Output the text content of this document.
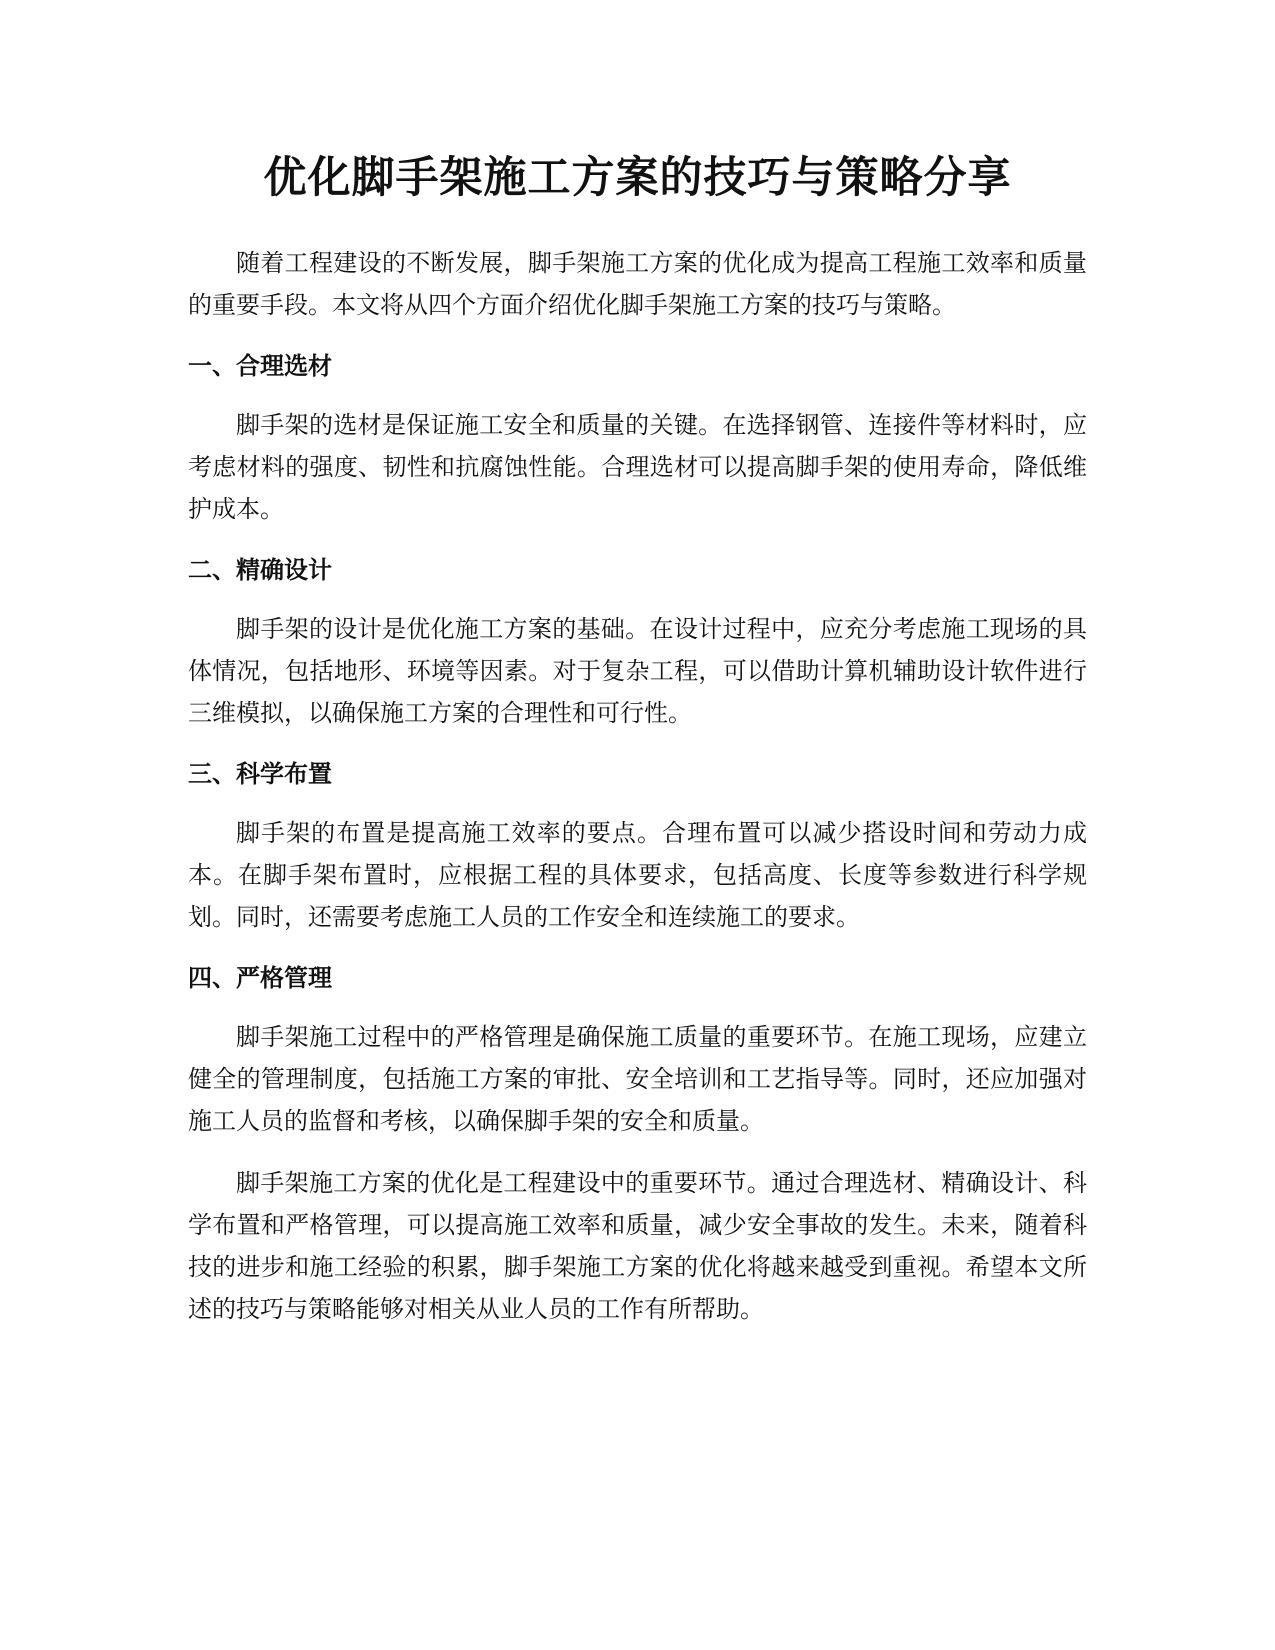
优化脚手架施工方案的技巧与策略分享

随着工程建设的不断发展，脚手架施工方案的优化成为提高工程施工效率和质量的重要手段。本文将从四个方面介绍优化脚手架施工方案的技巧与策略。

一、合理选材

脚手架的选材是保证施工安全和质量的关键。在选择钢管、连接件等材料时，应考虑材料的强度、韧性和抗腐蚀性能。合理选材可以提高脚手架的使用寿命，降低维护成本。

二、精确设计

脚手架的设计是优化施工方案的基础。在设计过程中，应充分考虑施工现场的具体情况，包括地形、环境等因素。对于复杂工程，可以借助计算机辅助设计软件进行三维模拟，以确保施工方案的合理性和可行性。

三、科学布置

脚手架的布置是提高施工效率的要点。合理布置可以减少搭设时间和劳动力成本。在脚手架布置时，应根据工程的具体要求，包括高度、长度等参数进行科学规划。同时，还需要考虑施工人员的工作安全和连续施工的要求。

四、严格管理

脚手架施工过程中的严格管理是确保施工质量的重要环节。在施工现场，应建立健全的管理制度，包括施工方案的审批、安全培训和工艺指导等。同时，还应加强对施工人员的监督和考核，以确保脚手架的安全和质量。

脚手架施工方案的优化是工程建设中的重要环节。通过合理选材、精确设计、科学布置和严格管理，可以提高施工效率和质量，减少安全事故的发生。未来，随着科技的进步和施工经验的积累，脚手架施工方案的优化将越来越受到重视。希望本文所述的技巧与策略能够对相关从业人员的工作有所帮助。
